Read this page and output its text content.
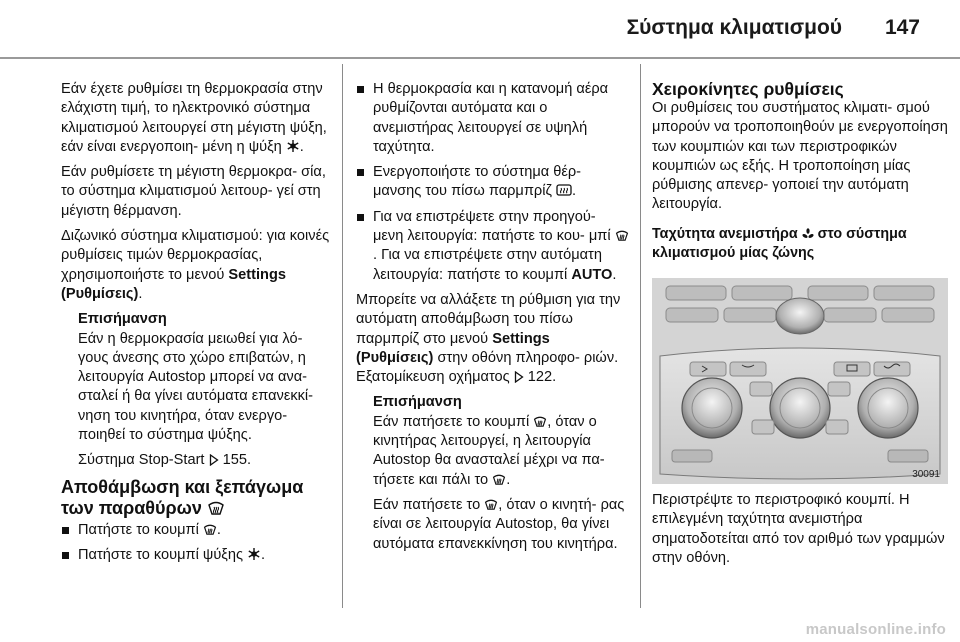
Σύστημα κλιματισμού 147

Εάν έχετε ρυθμίσει τη θερμοκρασία στην ελάχιστη τιμή, το ηλεκτρονικό σύστημα κλιματισμού λειτουργεί στη μέγιστη ψύξη, εάν είναι ενεργοποιη- μένη η ψύξη .

Εάν ρυθμίσετε τη μέγιστη θερμοκρα- σία, το σύστημα κλιματισμού λειτουρ- γεί στη μέγιστη θέρμανση.

Διζωνικό σύστημα κλιματισμού: για κοινές ρυθμίσεις τιμών θερμοκρασίας, χρησιμοποιήστε το μενού Settings (Ρυθμίσεις).

Επισήμανση

Εάν η θερμοκρασία μειωθεί για λό- γους άνεσης στο χώρο επιβατών, η λειτουργία Autostop μπορεί να ανα- σταλεί ή θα γίνει αυτόματα επανεκκί- νηση του κινητήρα, όταν ενεργο- ποιηθεί το σύστημα ψύξης.

Σύστημα Stop-Start 155.

Αποθάμβωση και ξεπάγωμα των παραθύρων
Πατήστε το κουμπί .
Πατήστε το κουμπί ψύξης .
Η θερμοκρασία και η κατανομή αέρα ρυθμίζονται αυτόματα και ο ανεμιστήρας λειτουργεί σε υψηλή ταχύτητα.
Ενεργοποιήστε το σύστημα θέρ- μανσης του πίσω παρμπρίζ .
Για να επιστρέψετε στην προηγού- μενη λειτουργία: πατήστε το κου- μπί
. Για να επιστρέψετε στην αυτόματη λειτουργία: πατήστε το κουμπί AUTO.

Μπορείτε να αλλάξετε τη ρύθμιση για την αυτόματη αποθάμβωση του πίσω παρμπρίζ στο μενού Settings (Ρυθμίσεις) στην οθόνη πληροφο- ριών. Εξατομίκευση οχήματος 122.

Επισήμανση

Εάν πατήσετε το κουμπί , όταν ο κινητήρας λειτουργεί, η λειτουργία Autostop θα ανασταλεί μέχρι να πα- τήσετε και πάλι το .

Εάν πατήσετε το , όταν ο κινητή- ρας είναι σε λειτουργία Autostop, θα γίνει αυτόματα επανεκκίνηση του κινητήρα.

Χειροκίνητες ρυθμίσεις

Οι ρυθμίσεις του συστήματος κλιματι- σμού μπορούν να τροποποιηθούν με ενεργοποίηση των κουμπιών και των περιστροφικών κουμπιών ως εξής. Η τροποποίηση μίας ρύθμισης απενερ- γοποιεί την αυτόματη λειτουργία.

Ταχύτητα ανεμιστήρα στο σύστημα κλιματισμού μίας ζώνης
30091
Περιστρέψτε το περιστροφικό κουμπί. Η επιλεγμένη ταχύτητα ανεμιστήρα σηματοδοτείται από τον αριθμό των γραμμών στην οθόνη.
manualsonline.info
